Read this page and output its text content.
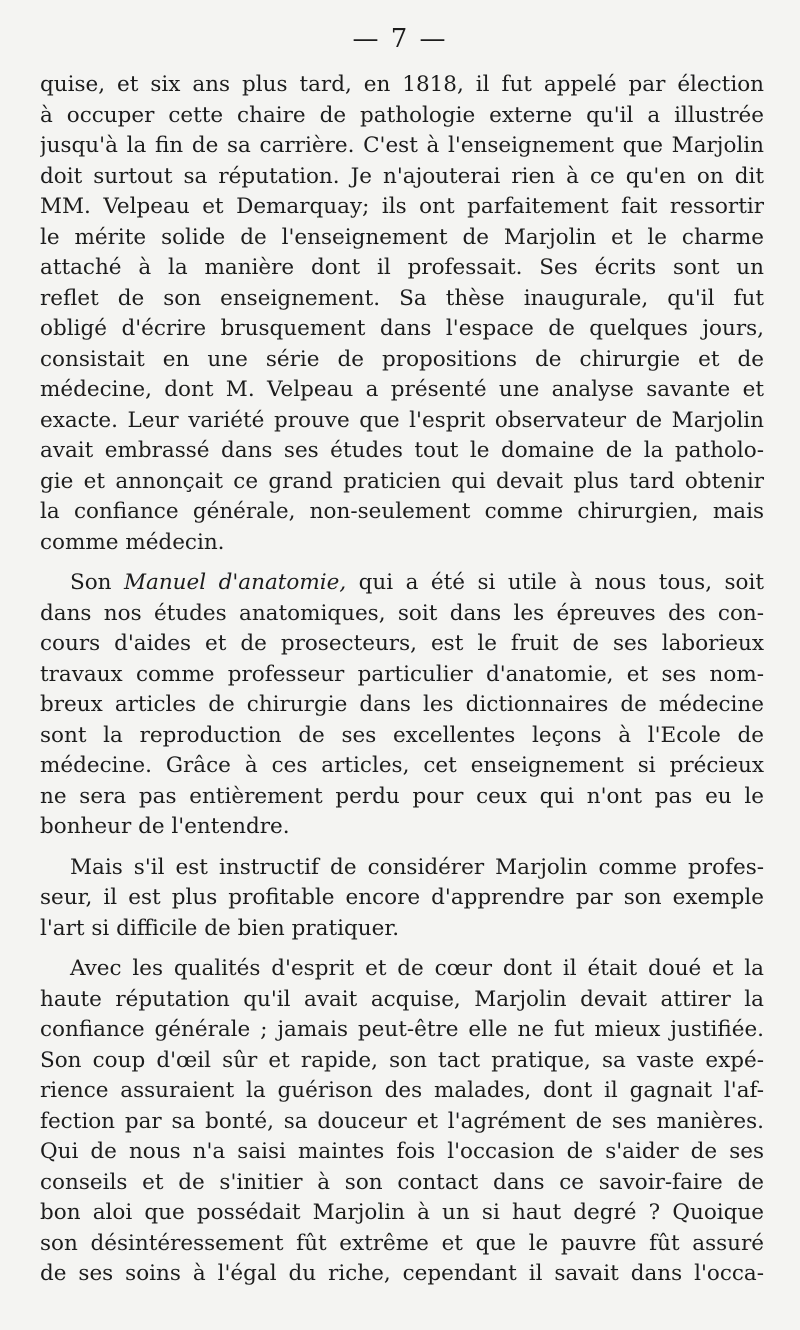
— 7 —
quise, et six ans plus tard, en 1818, il fut appelé par élection
à occuper cette chaire de pathologie externe qu'il a illustrée
jusqu'à la fin de sa carrière. C'est à l'enseignement que Marjolin
doit surtout sa réputation. Je n'ajouterai rien à ce qu'en on dit
MM. Velpeau et Demarquay; ils ont parfaitement fait ressortir
le mérite solide de l'enseignement de Marjolin et le charme
attaché à la manière dont il professait. Ses écrits sont un
reflet de son enseignement. Sa thèse inaugurale, qu'il fut
obligé d'écrire brusquement dans l'espace de quelques jours,
consistait en une série de propositions de chirurgie et de
médecine, dont M. Velpeau a présenté une analyse savante et
exacte. Leur variété prouve que l'esprit observateur de Marjolin
avait embrassé dans ses études tout le domaine de la patholo-
gie et annonçait ce grand praticien qui devait plus tard obtenir
la confiance générale, non-seulement comme chirurgien, mais
comme médecin.
Son Manuel d'anatomie, qui a été si utile à nous tous, soit
dans nos études anatomiques, soit dans les épreuves des con-
cours d'aides et de prosecteurs, est le fruit de ses laborieux
travaux comme professeur particulier d'anatomie, et ses nom-
breux articles de chirurgie dans les dictionnaires de médecine
sont la reproduction de ses excellentes leçons à l'Ecole de
médecine. Grâce à ces articles, cet enseignement si précieux
ne sera pas entièrement perdu pour ceux qui n'ont pas eu le
bonheur de l'entendre.
Mais s'il est instructif de considérer Marjolin comme profes-
seur, il est plus profitable encore d'apprendre par son exemple
l'art si difficile de bien pratiquer.
Avec les qualités d'esprit et de cœur dont il était doué et la
haute réputation qu'il avait acquise, Marjolin devait attirer la
confiance générale ; jamais peut-être elle ne fut mieux justifiée.
Son coup d'œil sûr et rapide, son tact pratique, sa vaste expé-
rience assuraient la guérison des malades, dont il gagnait l'af-
fection par sa bonté, sa douceur et l'agrément de ses manières.
Qui de nous n'a saisi maintes fois l'occasion de s'aider de ses
conseils et de s'initier à son contact dans ce savoir-faire de
bon aloi que possédait Marjolin à un si haut degré ? Quoique
son désintéressement fût extrême et que le pauvre fût assuré
de ses soins à l'égal du riche, cependant il savait dans l'occa-
